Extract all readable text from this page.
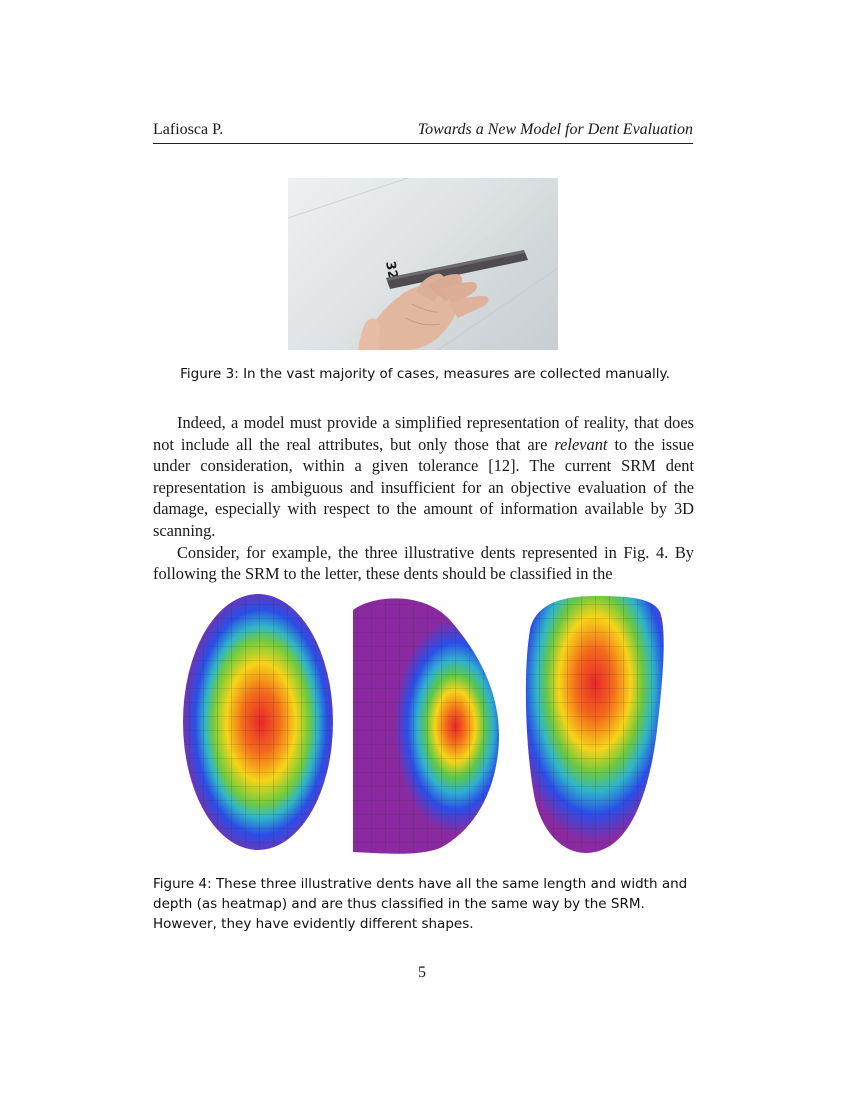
Lafiosca P.	Towards a New Model for Dent Evaluation
32
Figure 3: In the vast majority of cases, measures are collected manually.

Indeed, a model must provide a simplified representation of reality, that does not include all the real attributes, but only those that are relevant to the issue under consideration, within a given tolerance [12]. The current SRM dent representation is ambiguous and insufficient for an objective evaluation of the damage, especially with respect to the amount of information available by 3D scanning.

Consider, for example, the three illustrative dents represented in Fig. 4. By following the SRM to the letter, these dents should be classified in the

Figure 4: These three illustrative dents have all the same length and width and depth (as heatmap) and are thus classified in the same way by the SRM. However, they have evidently different shapes.
5
